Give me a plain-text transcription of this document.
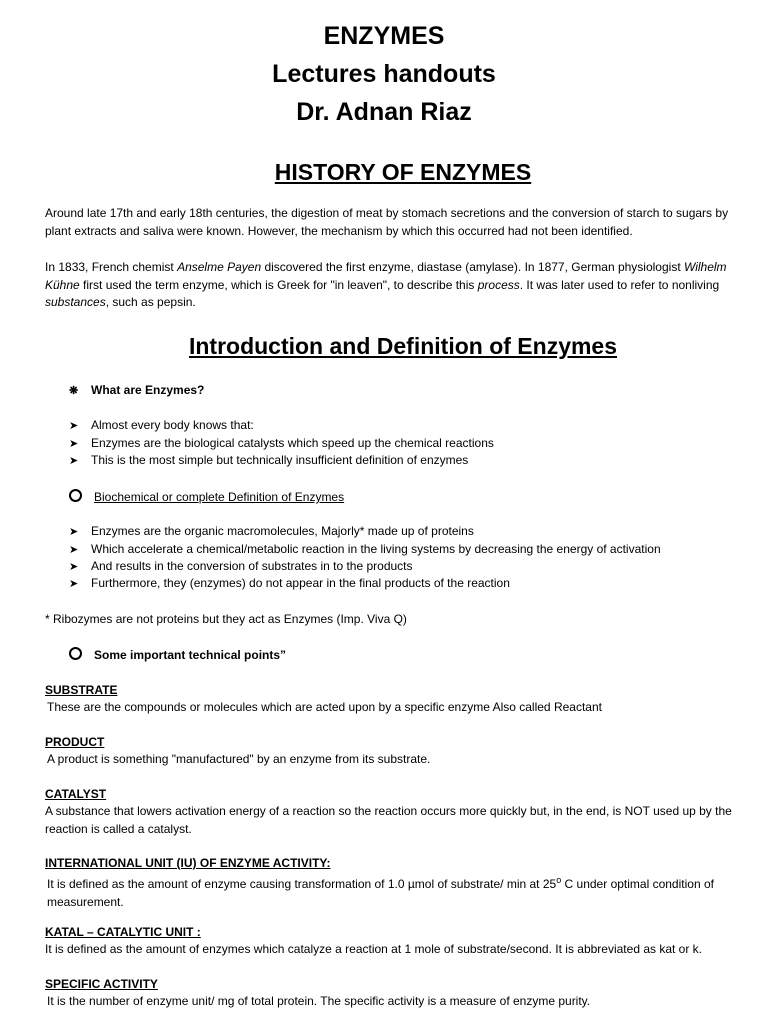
ENZYMES
Lectures handouts
Dr. Adnan Riaz
HISTORY OF ENZYMES
Around late 17th and early 18th centuries, the digestion of meat by stomach secretions and the conversion of starch to sugars by plant extracts and saliva were known. However, the mechanism by which this occurred had not been identified.
In 1833, French chemist Anselme Payen discovered the first enzyme, diastase (amylase). In 1877, German physiologist Wilhelm Kühne first used the term enzyme, which is Greek for "in leaven", to describe this process. It was later used to refer to nonliving substances, such as pepsin.
Introduction and Definition of Enzymes
❋ What are Enzymes?
➤ Almost every body knows that:
➤ Enzymes are the biological catalysts which speed up the chemical reactions
➤ This is the most simple but technically insufficient definition of enzymes
Biochemical or complete Definition of Enzymes
➤ Enzymes are the organic macromolecules, Majorly* made up of proteins
➤ Which accelerate a chemical/metabolic reaction in the living systems by decreasing the energy of activation
➤ And results in the conversion of substrates in to the products
➤ Furthermore, they (enzymes) do not appear in the final products of the reaction
* Ribozymes are not proteins but they act as Enzymes (Imp. Viva Q)
Some important technical points”
SUBSTRATE
These are the compounds or molecules which are acted upon by a specific enzyme Also called Reactant
PRODUCT
A product is something "manufactured" by an enzyme from its substrate.
CATALYST
A substance that lowers activation energy of a reaction so the reaction occurs more quickly but, in the end, is NOT used up by the reaction is called a catalyst.
INTERNATIONAL UNIT (IU) OF ENZYME ACTIVITY:
It is defined as the amount of enzyme causing transformation of 1.0 µmol of substrate/ min at 25$^o$ C under optimal condition of measurement.
KATAL – CATALYTIC UNIT :
It is defined as the amount of enzymes which catalyze a reaction at 1 mole of substrate/second. It is abbreviated as kat or k.
SPECIFIC ACTIVITY
It is the number of enzyme unit/ mg of total protein. The specific activity is a measure of enzyme purity.
